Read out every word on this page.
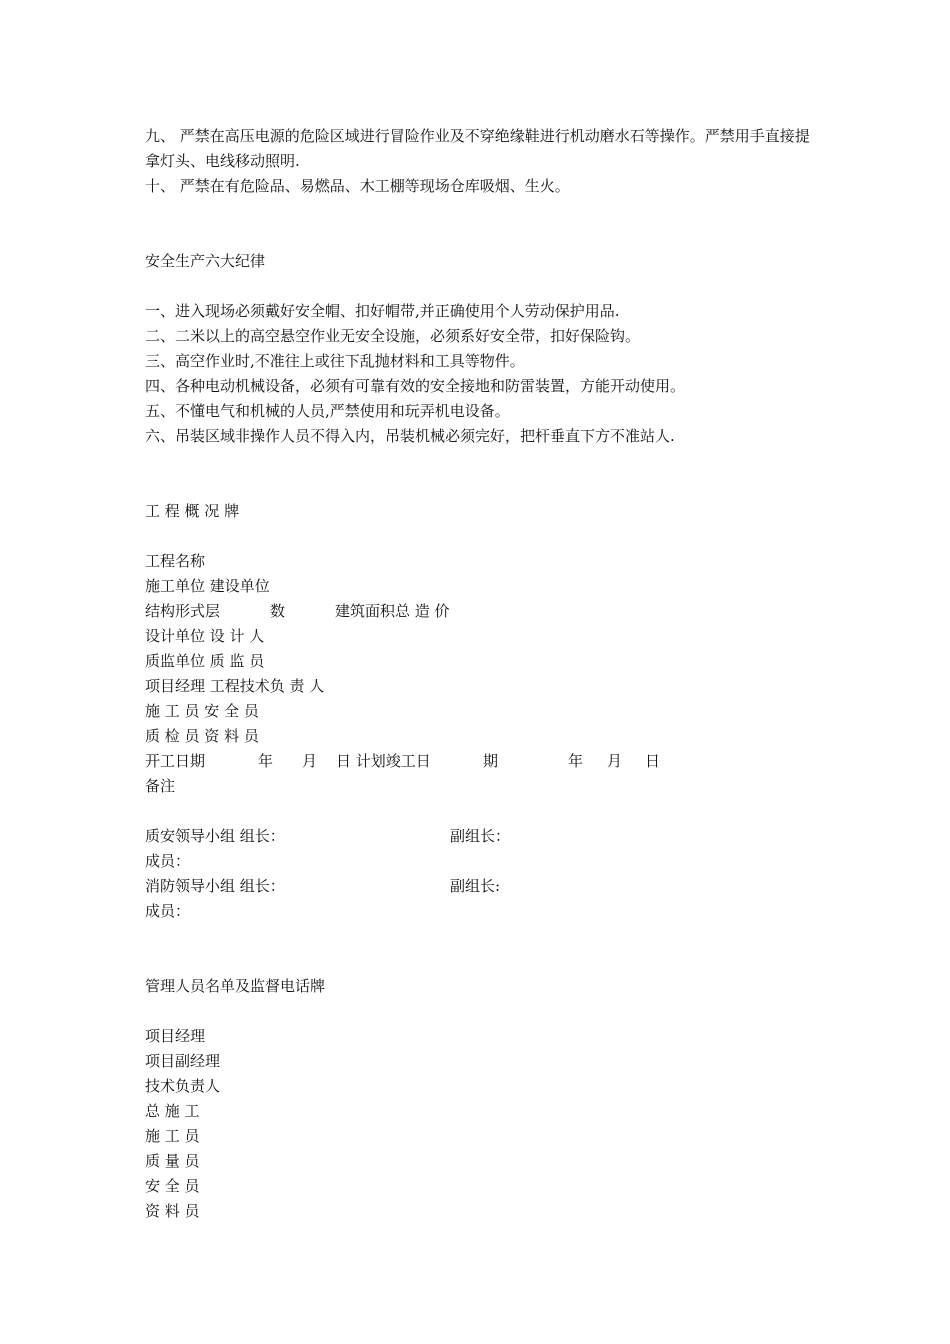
九、 严禁在高压电源的危险区域进行冒险作业及不穿绝缘鞋进行机动磨水石等操作。严禁用手直接提拿灯头、电线移动照明.
十、 严禁在有危险品、易燃品、木工棚等现场仓库吸烟、生火。
安全生产六大纪律
一、进入现场必须戴好安全帽、扣好帽带,并正确使用个人劳动保护用品.
二、二米以上的高空悬空作业无安全设施，必须系好安全带，扣好保险钩。
三、高空作业时,不准往上或往下乱抛材料和工具等物件。
四、各种电动机械设备，必须有可靠有效的安全接地和防雷装置，方能开动使用。
五、不懂电气和机械的人员,严禁使用和玩弄机电设备。
六、吊装区域非操作人员不得入内，吊装机械必须完好，把杆垂直下方不准站人.
工 程 概 况 牌
工程名称
施工单位 建设单位
结构形式层	数	建筑面积总 造 价
设计单位 设 计 人
质监单位 质 监 员
项目经理 工程技术负 责 人
施 工 员 安 全 员
质 检 员 资 料 员
开工日期	年 月 日 计划竣工日	期	年 月 日
备注
质安领导小组 组长：	副组长：
成员：
消防领导小组 组长：	副组长:
成员：
管理人员名单及监督电话牌
项目经理
项目副经理
技术负责人
总 施 工
施 工 员
质 量 员
安 全 员
资 料 员
